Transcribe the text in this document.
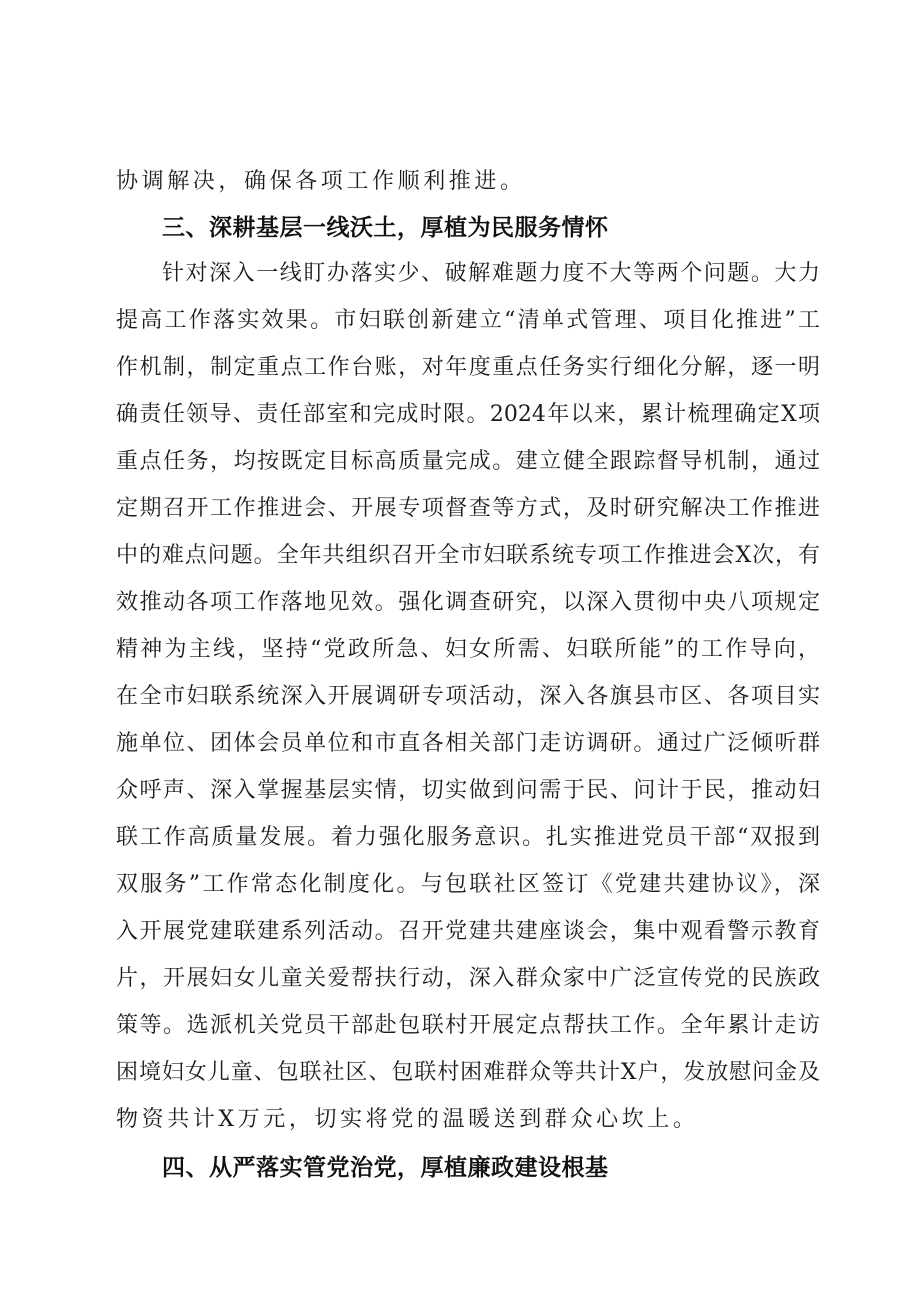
协调解决，确保各项工作顺利推进。
三、深耕基层一线沃土，厚植为民服务情怀
针对深入一线盯办落实少、破解难题力度不大等两个问题。大力
提高工作落实效果。市妇联创新建立“清单式管理、项目化推进”工
作机制，制定重点工作台账，对年度重点任务实行细化分解，逐一明
确责任领导、责任部室和完成时限。2024年以来，累计梳理确定X项
重点任务，均按既定目标高质量完成。建立健全跟踪督导机制，通过
定期召开工作推进会、开展专项督查等方式，及时研究解决工作推进
中的难点问题。全年共组织召开全市妇联系统专项工作推进会X次，有
效推动各项工作落地见效。强化调查研究，以深入贯彻中央八项规定
精神为主线，坚持“党政所急、妇女所需、妇联所能”的工作导向，
在全市妇联系统深入开展调研专项活动，深入各旗县市区、各项目实
施单位、团体会员单位和市直各相关部门走访调研。通过广泛倾听群
众呼声、深入掌握基层实情，切实做到问需于民、问计于民，推动妇
联工作高质量发展。着力强化服务意识。扎实推进党员干部“双报到
双服务”工作常态化制度化。与包联社区签订《党建共建协议》，深
入开展党建联建系列活动。召开党建共建座谈会，集中观看警示教育
片，开展妇女儿童关爱帮扶行动，深入群众家中广泛宣传党的民族政
策等。选派机关党员干部赴包联村开展定点帮扶工作。全年累计走访
困境妇女儿童、包联社区、包联村困难群众等共计X户，发放慰问金及
物资共计X万元，切实将党的温暖送到群众心坎上。
四、从严落实管党治党，厚植廉政建设根基
